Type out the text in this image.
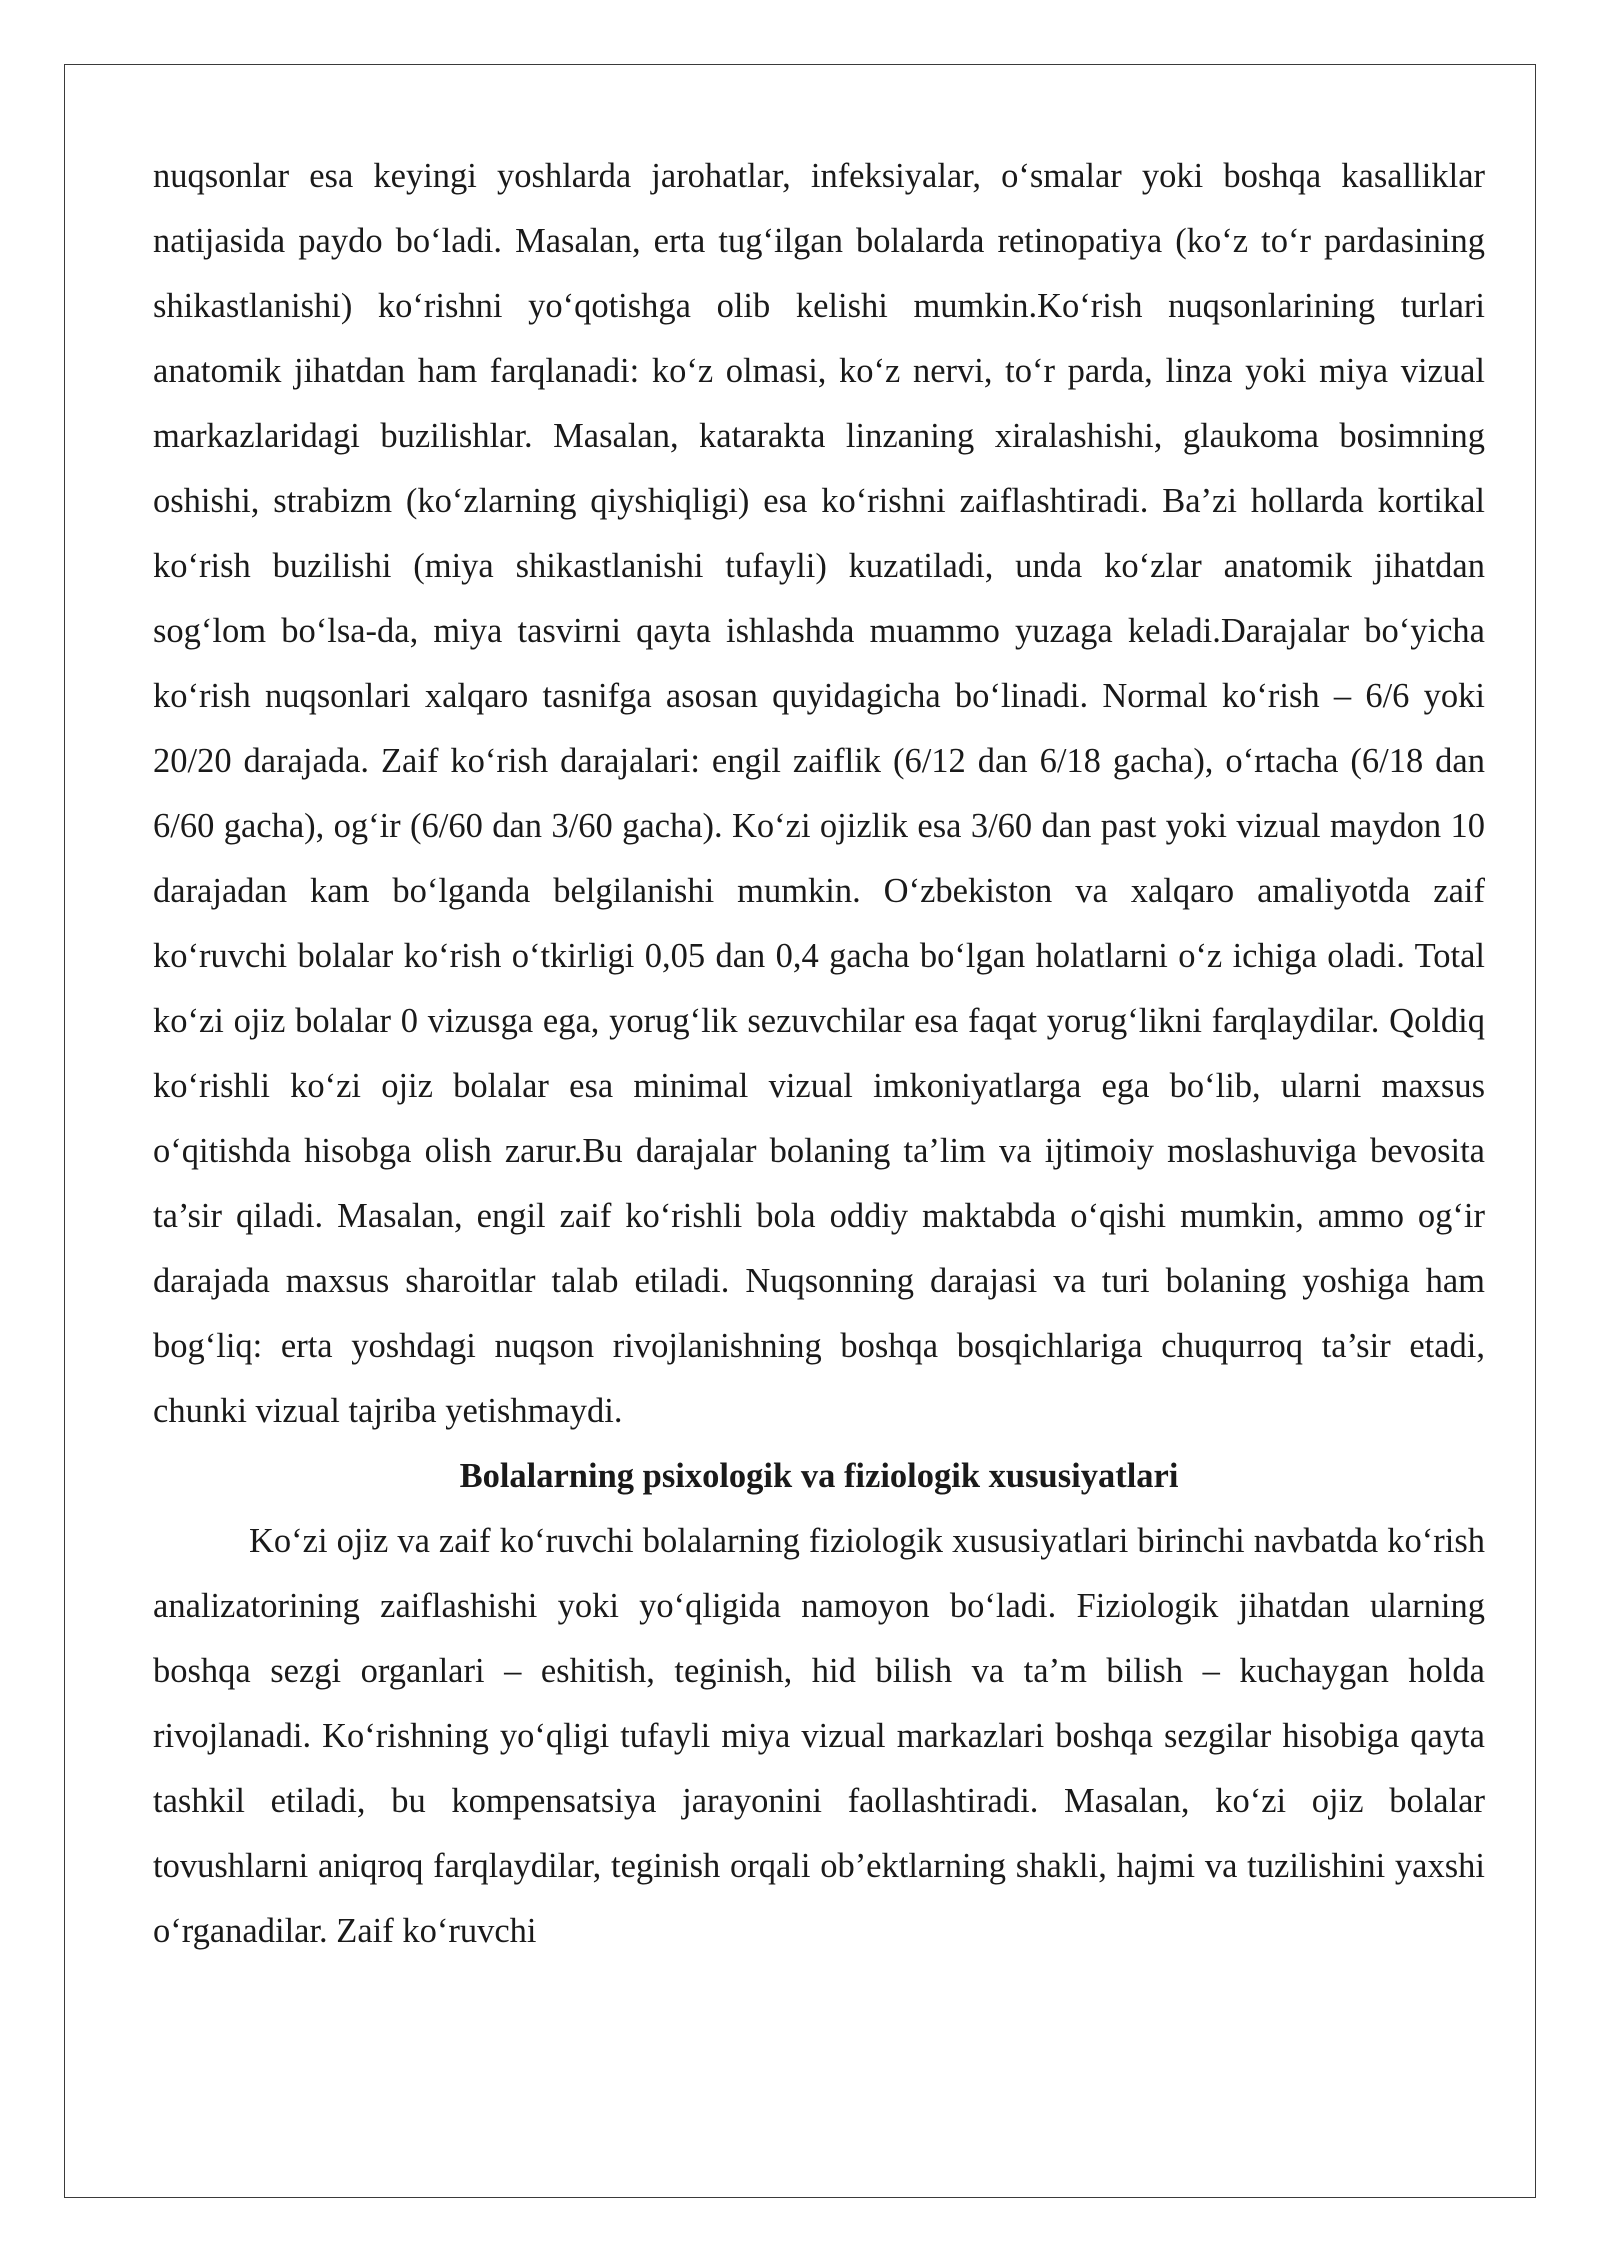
nuqsonlar esa keyingi yoshlarda jarohatlar, infeksiyalar, o‘smalar yoki boshqa kasalliklar natijasida paydo bo‘ladi. Masalan, erta tug‘ilgan bolalarda retinopatiya (ko‘z to‘r pardasining shikastlanishi) ko‘rishni yo‘qotishga olib kelishi mumkin.Ko‘rish nuqsonlarining turlari anatomik jihatdan ham farqlanadi: ko‘z olmasi, ko‘z nervi, to‘r parda, linza yoki miya vizual markazlaridagi buzilishlar. Masalan, katarakta linzaning xiralashishi, glaukoma bosimning oshishi, strabizm (ko‘zlarning qiyshiqligi) esa ko‘rishni zaiflashtiradi. Ba’zi hollarda kortikal ko‘rish buzilishi (miya shikastlanishi tufayli) kuzatiladi, unda ko‘zlar anatomik jihatdan sog‘lom bo‘lsa-da, miya tasvirni qayta ishlashda muammo yuzaga keladi.Darajalar bo‘yicha ko‘rish nuqsonlari xalqaro tasnifga asosan quyidagicha bo‘linadi. Normal ko‘rish – 6/6 yoki 20/20 darajada. Zaif ko‘rish darajalari: engil zaiflik (6/12 dan 6/18 gacha), o‘rtacha (6/18 dan 6/60 gacha), og‘ir (6/60 dan 3/60 gacha). Ko‘zi ojizlik esa 3/60 dan past yoki vizual maydon 10 darajadan kam bo‘lganda belgilanishi mumkin. O‘zbekiston va xalqaro amaliyotda zaif ko‘ruvchi bolalar ko‘rish o‘tkirligi 0,05 dan 0,4 gacha bo‘lgan holatlarni o‘z ichiga oladi. Total ko‘zi ojiz bolalar 0 vizusga ega, yorug‘lik sezuvchilar esa faqat yorug‘likni farqlaydilar. Qoldiq ko‘rishli ko‘zi ojiz bolalar esa minimal vizual imkoniyatlarga ega bo‘lib, ularni maxsus o‘qitishda hisobga olish zarur.Bu darajalar bolaning ta’lim va ijtimoiy moslashuviga bevosita ta’sir qiladi. Masalan, engil zaif ko‘rishli bola oddiy maktabda o‘qishi mumkin, ammo og‘ir darajada maxsus sharoitlar talab etiladi. Nuqsonning darajasi va turi bolaning yoshiga ham bog‘liq: erta yoshdagi nuqson rivojlanishning boshqa bosqichlariga chuqurroq ta’sir etadi, chunki vizual tajriba yetishmaydi.

Bolalarning psixologik va fiziologik xususiyatlari

Ko‘zi ojiz va zaif ko‘ruvchi bolalarning fiziologik xususiyatlari birinchi navbatda ko‘rish analizatorining zaiflashishi yoki yo‘qligida namoyon bo‘ladi. Fiziologik jihatdan ularning boshqa sezgi organlari – eshitish, teginish, hid bilish va ta’m bilish – kuchaygan holda rivojlanadi. Ko‘rishning yo‘qligi tufayli miya vizual markazlari boshqa sezgilar hisobiga qayta tashkil etiladi, bu kompensatsiya jarayonini faollashtiradi. Masalan, ko‘zi ojiz bolalar tovushlarni aniqroq farqlaydilar, teginish orqali ob’ektlarning shakli, hajmi va tuzilishini yaxshi o‘rganadilar. Zaif ko‘ruvchi
